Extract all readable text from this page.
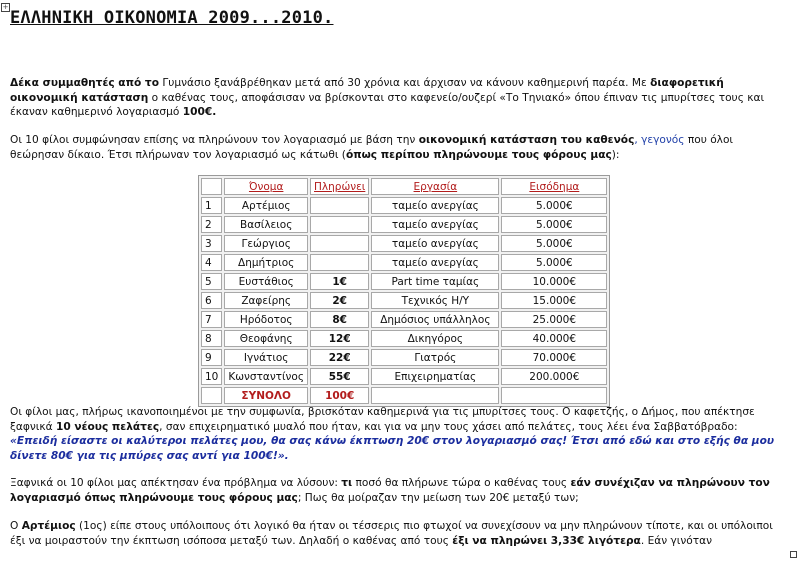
+
ΕΛΛΗΝΙΚΗ ΟΙΚΟΝΟΜΙΑ 2009...2010.

Δέκα συμμαθητές από το Γυμνάσιο ξανάβρέθηκαν μετά από 30 χρόνια και άρχισαν να κάνουν καθημερινή παρέα. Με διαφορετική οικονομική κατάσταση ο καθένας τους, αποφάσισαν να βρίσκονται στο καφενείο/ουζερί «Το Τηνιακό» όπου έπιναν τις μπυρίτσες τους και έκαναν καθημερινό λογαριασμό 100€.

Οι 10 φίλοι συμφώνησαν επίσης να πληρώνουν τον λογαριασμό με βάση την οικονομική κατάσταση του καθενός, γεγονός που όλοι θεώρησαν δίκαιο. Έτσι πλήρωναν τον λογαριασμό ως κάτωθι (όπως περίπου πληρώνουμε τους φόρους μας):

	Όνομα	Πληρώνει	Εργασία	Εισόδημα
1	Αρτέμιος		ταμείο ανεργίας	5.000€
2	Βασίλειος		ταμείο ανεργίας	5.000€
3	Γεώργιος		ταμείο ανεργίας	5.000€
4	Δημήτριος		ταμείο ανεργίας	5.000€
5	Ευστάθιος	1€	Part time ταμίας	10.000€
6	Ζαφείρης	2€	Τεχνικός Η/Υ	15.000€
7	Ηρόδοτος	8€	Δημόσιος υπάλληλος	25.000€
8	Θεοφάνης	12€	Δικηγόρος	40.000€
9	Ιγνάτιος	22€	Γιατρός	70.000€
10	Κωνσταντίνος	55€	Επιχειρηματίας	200.000€
	ΣΥΝΟΛΟ	100€		

Οι φίλοι μας, πλήρως ικανοποιημένοι με την συμφωνία, βρισκόταν καθημερινά για τις μπυρίτσες τους. Ο καφετζής, ο Δήμος, που απέκτησε ξαφνικά 10 νέους πελάτες, σαν επιχειρηματικό μυαλό που ήταν, και για να μην τους χάσει από πελάτες, τους λέει ένα Σαββατόβραδο:
«Επειδή είσαστε οι καλύτεροι πελάτες μου, θα σας κάνω έκπτωση 20€ στον λογαριασμό σας! Έτσι από εδώ και στο εξής θα μου δίνετε 80€ για τις μπύρες σας αντί για 100€!».

Ξαφνικά οι 10 φίλοι μας απέκτησαν ένα πρόβλημα να λύσουν: τι ποσό θα πλήρωνε τώρα ο καθένας τους εάν συνέχιζαν να πληρώνουν τον λογαριασμό όπως πληρώνουμε τους φόρους μας; Πως θα μοίραζαν την μείωση των 20€ μεταξύ των;

Ο Αρτέμιος (1ος) είπε στους υπόλοιπους ότι λογικό θα ήταν οι τέσσερις πιο φτωχοί να συνεχίσουν να μην πληρώνουν τίποτε, και οι υπόλοιποι έξι να μοιραστούν την έκπτωση ισόποσα μεταξύ των. Δηλαδή ο καθένας από τους έξι να πληρώνει 3,33€ λιγότερα. Εάν γινόταν
